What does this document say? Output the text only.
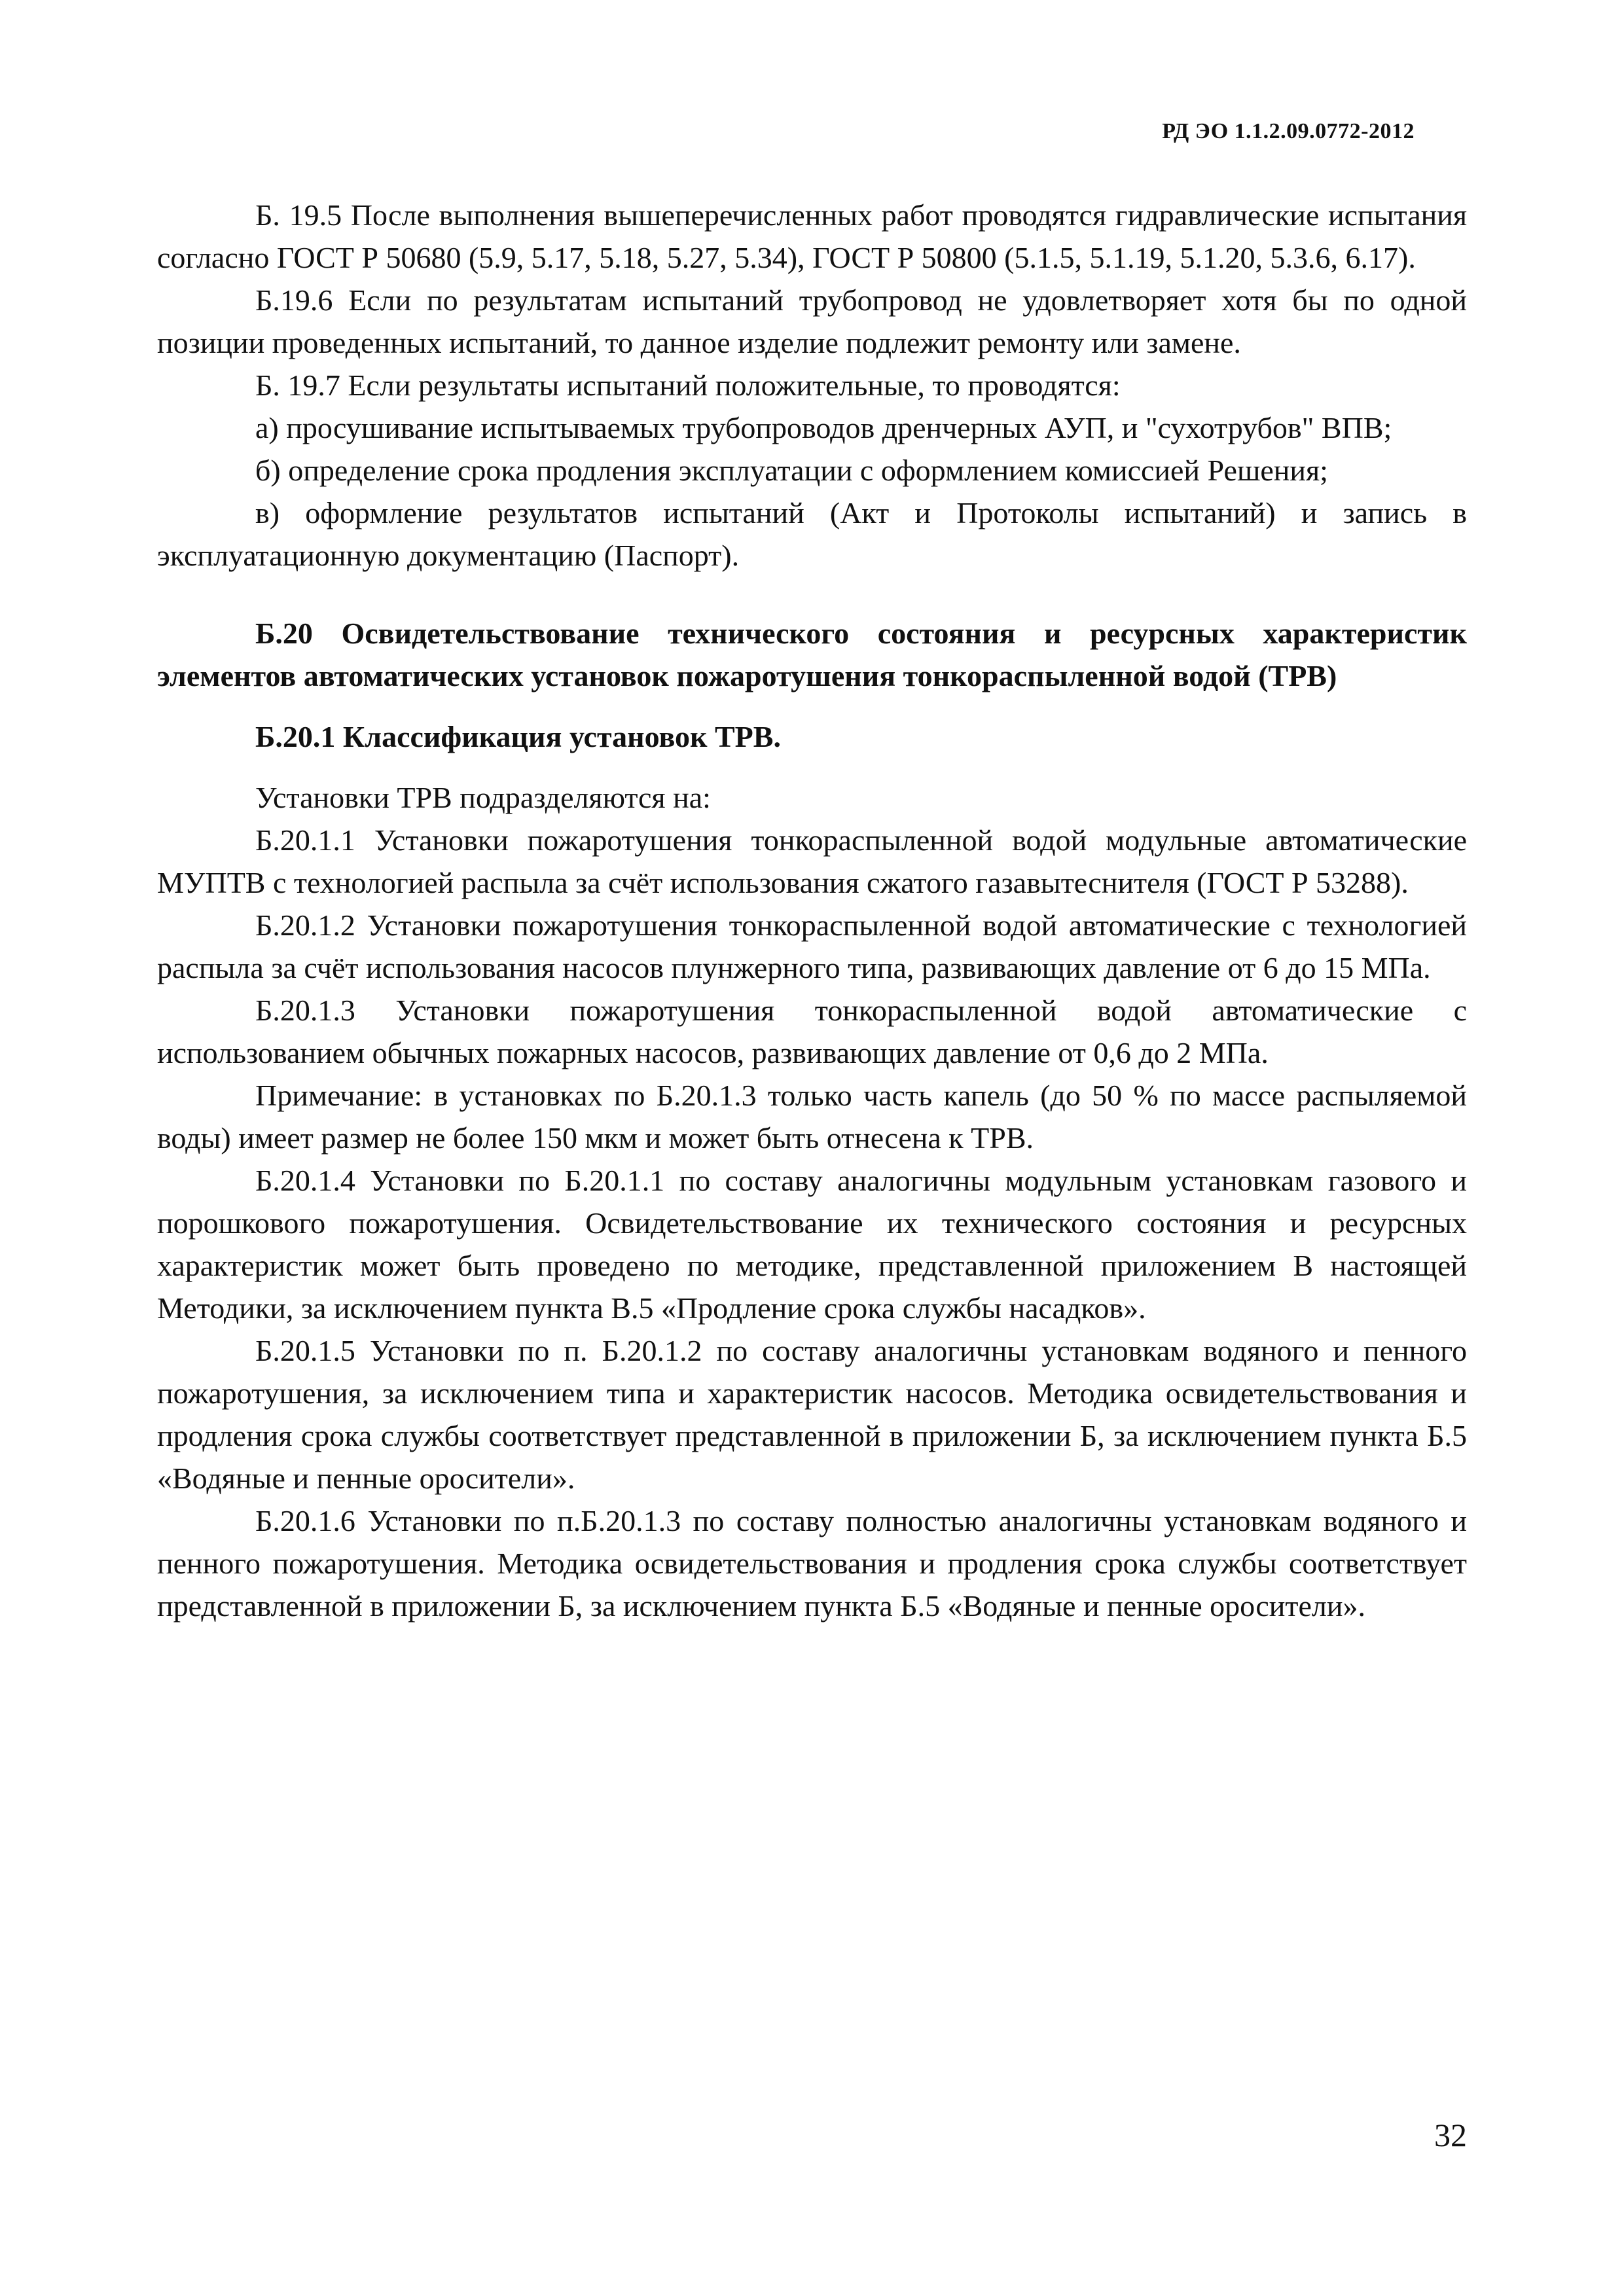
РД ЭО 1.1.2.09.0772-2012

Б. 19.5 После выполнения вышеперечисленных работ проводятся гидравлические испытания согласно ГОСТ Р 50680 (5.9, 5.17, 5.18, 5.27, 5.34), ГОСТ Р 50800 (5.1.5, 5.1.19, 5.1.20, 5.3.6, 6.17).

Б.19.6 Если по результатам испытаний трубопровод не удовлетворяет хотя бы по одной позиции проведенных испытаний, то данное изделие подлежит ремонту или замене.

Б. 19.7 Если результаты испытаний положительные, то проводятся:

а) просушивание испытываемых трубопроводов дренчерных АУП, и "сухотрубов" ВПВ;

б) определение срока продления эксплуатации с оформлением комиссией Решения;

в) оформление результатов испытаний (Акт и Протоколы испытаний) и запись в эксплуатационную документацию (Паспорт).

Б.20 Освидетельствование технического состояния и ресурсных характеристик элементов автоматических установок пожаротушения тонкораспыленной водой (ТРВ)

Б.20.1 Классификация установок ТРВ.

Установки ТРВ подразделяются на:

Б.20.1.1 Установки пожаротушения тонкораспыленной водой модульные автоматические МУПТВ с технологией распыла за счёт использования сжатого газавытеснителя (ГОСТ Р 53288).

Б.20.1.2 Установки пожаротушения тонкораспыленной водой автоматические с технологией распыла за счёт использования насосов плунжерного типа, развивающих давление от 6 до 15 МПа.

Б.20.1.3 Установки пожаротушения тонкораспыленной водой автоматические с использованием обычных пожарных насосов, развивающих давление от 0,6 до 2 МПа.

Примечание: в установках по Б.20.1.3 только часть капель (до 50 % по массе распыляемой воды) имеет размер не более 150 мкм и может быть отнесена к ТРВ.

Б.20.1.4 Установки по Б.20.1.1 по составу аналогичны модульным установкам газового и порошкового пожаротушения. Освидетельствование их технического состояния и ресурсных характеристик может быть проведено по методике, представленной приложением В настоящей Методики, за исключением пункта В.5 «Продление срока службы насадков».

Б.20.1.5 Установки по п. Б.20.1.2 по составу аналогичны установкам водяного и пенного пожаротушения, за исключением типа и характеристик насосов. Методика освидетельствования и продления срока службы соответствует представленной в приложении Б, за исключением пункта Б.5 «Водяные и пенные оросители».

Б.20.1.6 Установки по п.Б.20.1.3 по составу полностью аналогичны установкам водяного и пенного пожаротушения. Методика освидетельствования и продления срока службы соответствует представленной в приложении Б, за исключением пункта Б.5 «Водяные и пенные оросители».

32
